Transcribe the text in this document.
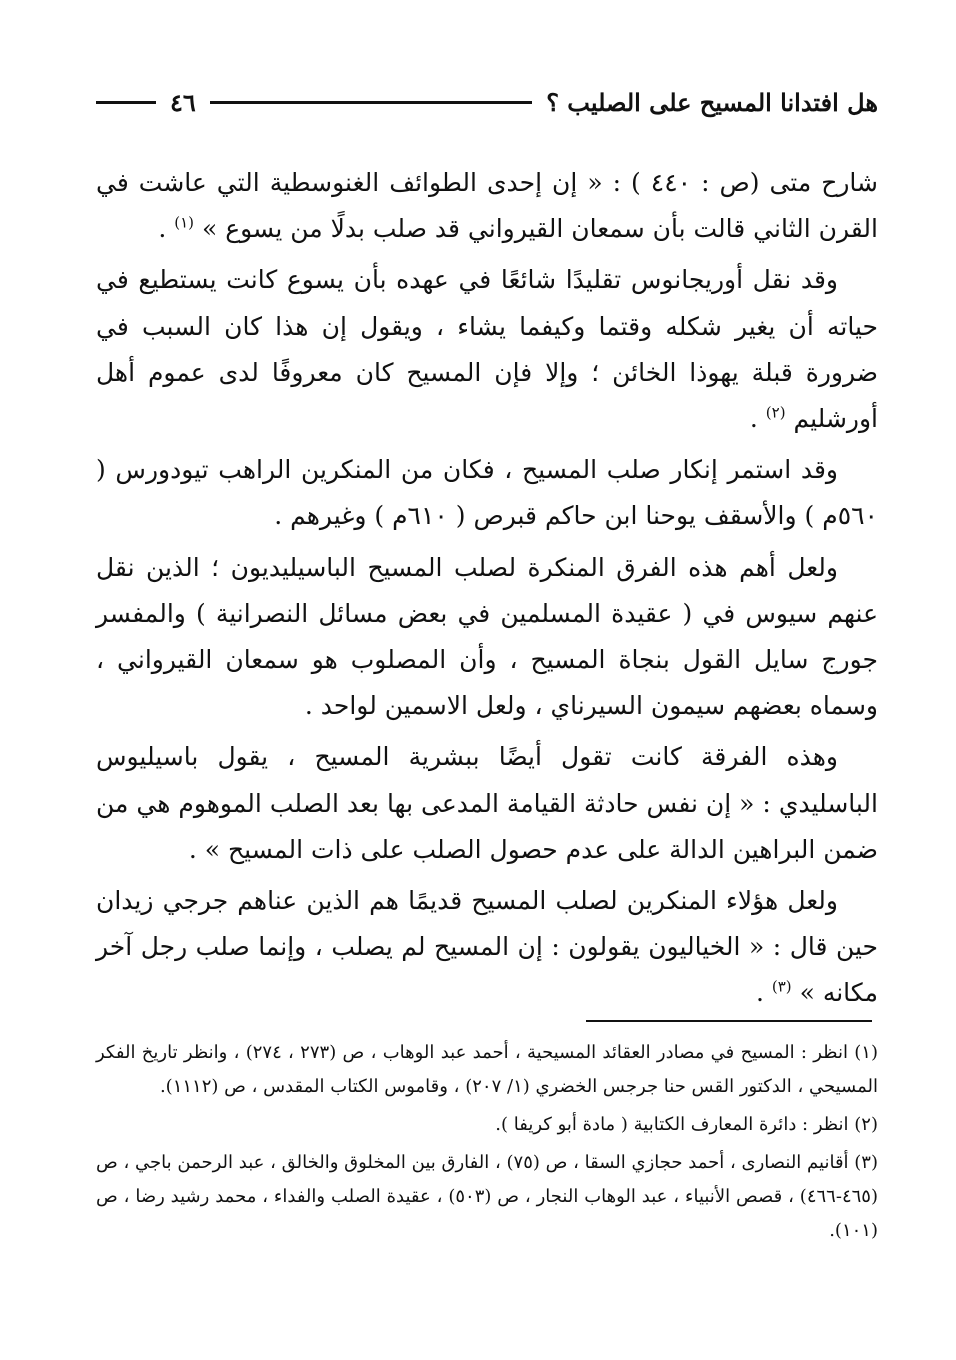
هل افتدانا المسيح على الصليب ؟
٤٦

شارح متى (ص : ٤٤٠ ) : « إن إحدى الطوائف الغنوسطية التي عاشت في القرن الثاني قالت بأن سمعان القيرواني قد صلب بدلًا من يسوع » $^{(١)}$ .

وقد نقل أوريجانوس تقليدًا شائعًا في عهده بأن يسوع كانت يستطيع في حياته أن يغير شكله وقتما وكيفما يشاء ، ويقول إن هذا كان السبب في ضرورة قبلة يهوذا الخائن ؛ وإلا فإن المسيح كان معروفًا لدى عموم أهل أورشليم $^{(٢)}$ .

وقد استمر إنكار صلب المسيح ، فكان من المنكرين الراهب تيودورس ( ٥٦٠م ) والأسقف يوحنا ابن حاكم قبرص ( ٦١٠م ) وغيرهم .

ولعل أهم هذه الفرق المنكرة لصلب المسيح الباسيليديون ؛ الذين نقل عنهم سيوس في ( عقيدة المسلمين في بعض مسائل النصرانية ) والمفسر جورج سايل القول بنجاة المسيح ، وأن المصلوب هو سمعان القيرواني ، وسماه بعضهم سيمون السيرناي ، ولعل الاسمين لواحد .

وهذه الفرقة كانت تقول أيضًا ببشرية المسيح ، يقول باسيليوس الباسليدي : « إن نفس حادثة القيامة المدعى بها بعد الصلب الموهوم هي من ضمن البراهين الدالة على عدم حصول الصلب على ذات المسيح » .

ولعل هؤلاء المنكرين لصلب المسيح قديمًا هم الذين عناهم جرجي زيدان حين قال : « الخياليون يقولون : إن المسيح لم يصلب ، وإنما صلب رجل آخر مكانه » $^{(٣)}$ .

(١) انظر : المسيح في مصادر العقائد المسيحية ، أحمد عبد الوهاب ، ص (٢٧٣ ، ٢٧٤) ، وانظر تاريخ الفكر المسيحي ، الدكتور القس حنا جرجس الخضري (١/ ٢٠٧) ، وقاموس الكتاب المقدس ، ص (١١١٢).

(٢) انظر : دائرة المعارف الكتابية ( مادة أبو كريفا ).

(٣) أقانيم النصارى ، أحمد حجازي السقا ، ص (٧٥) ، الفارق بين المخلوق والخالق ، عبد الرحمن باجي ، ص (٤٦٥-٤٦٦) ، قصص الأنبياء ، عبد الوهاب النجار ، ص (٥٠٣) ، عقيدة الصلب والفداء ، محمد رشيد رضا ، ص (١٠١).
